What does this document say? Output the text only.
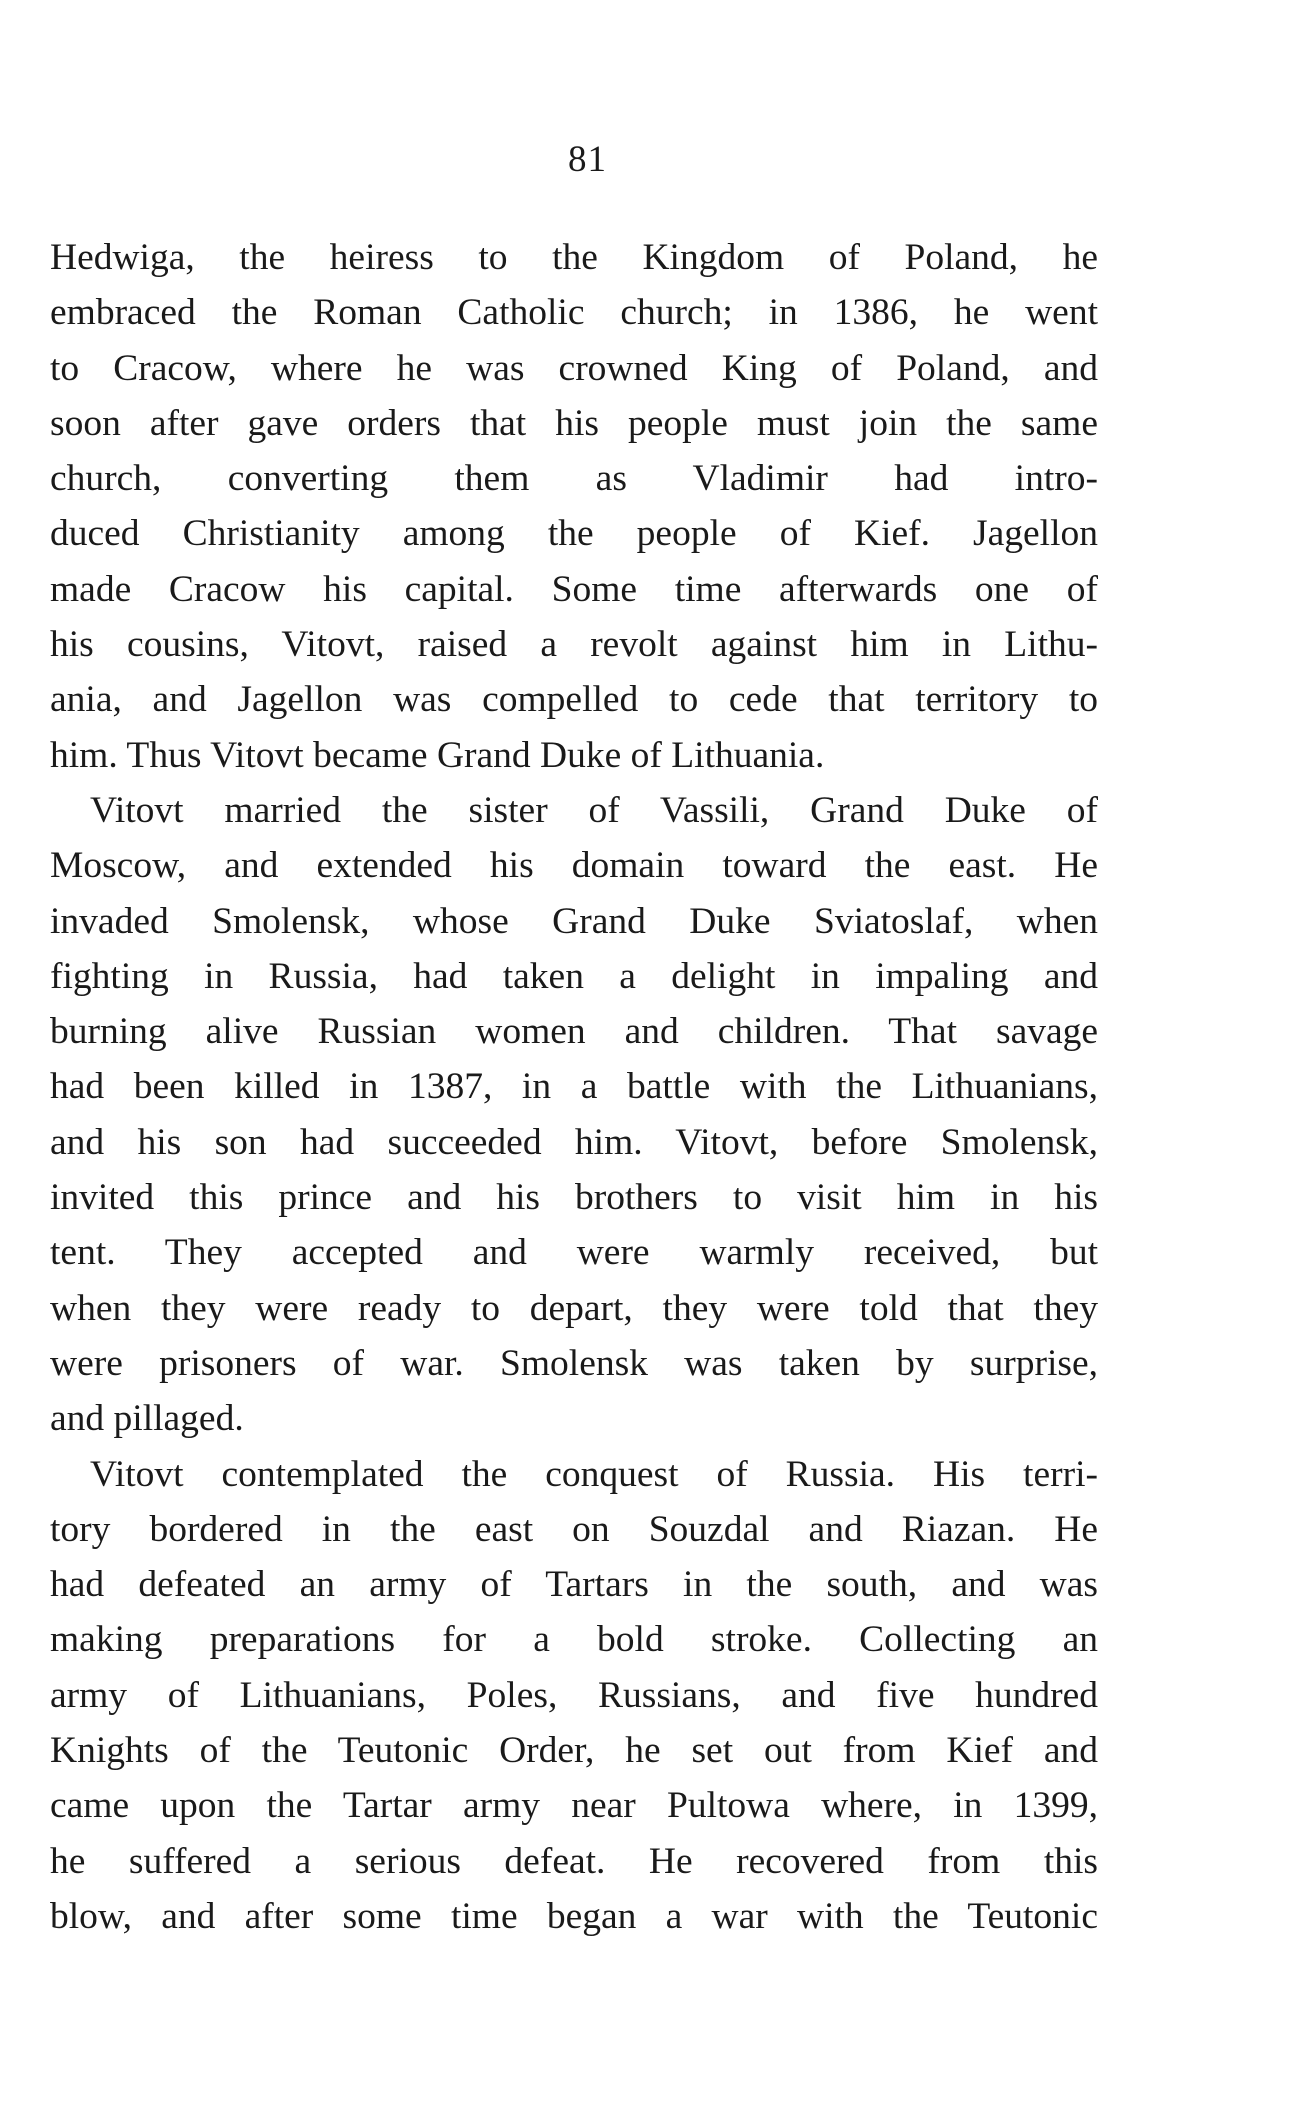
81
Hedwiga, the heiress to the Kingdom of Poland, he
embraced the Roman Catholic church; in 1386, he went
to Cracow, where he was crowned King of Poland, and
soon after gave orders that his people must join the same
church, converting them as Vladimir had intro-
duced Christianity among the people of Kief. Jagellon
made Cracow his capital. Some time afterwards one of
his cousins, Vitovt, raised a revolt against him in Lithu-
ania, and Jagellon was compelled to cede that territory to
him. Thus Vitovt became Grand Duke of Lithuania.
Vitovt married the sister of Vassili, Grand Duke of
Moscow, and extended his domain toward the east. He
invaded Smolensk, whose Grand Duke Sviatoslaf, when
fighting in Russia, had taken a delight in impaling and
burning alive Russian women and children. That savage
had been killed in 1387, in a battle with the Lithuanians,
and his son had succeeded him. Vitovt, before Smolensk,
invited this prince and his brothers to visit him in his
tent. They accepted and were warmly received, but
when they were ready to depart, they were told that they
were prisoners of war. Smolensk was taken by surprise,
and pillaged.
Vitovt contemplated the conquest of Russia. His terri-
tory bordered in the east on Souzdal and Riazan. He
had defeated an army of Tartars in the south, and was
making preparations for a bold stroke. Collecting an
army of Lithuanians, Poles, Russians, and five hundred
Knights of the Teutonic Order, he set out from Kief and
came upon the Tartar army near Pultowa where, in 1399,
he suffered a serious defeat. He recovered from this
blow, and after some time began a war with the Teutonic
